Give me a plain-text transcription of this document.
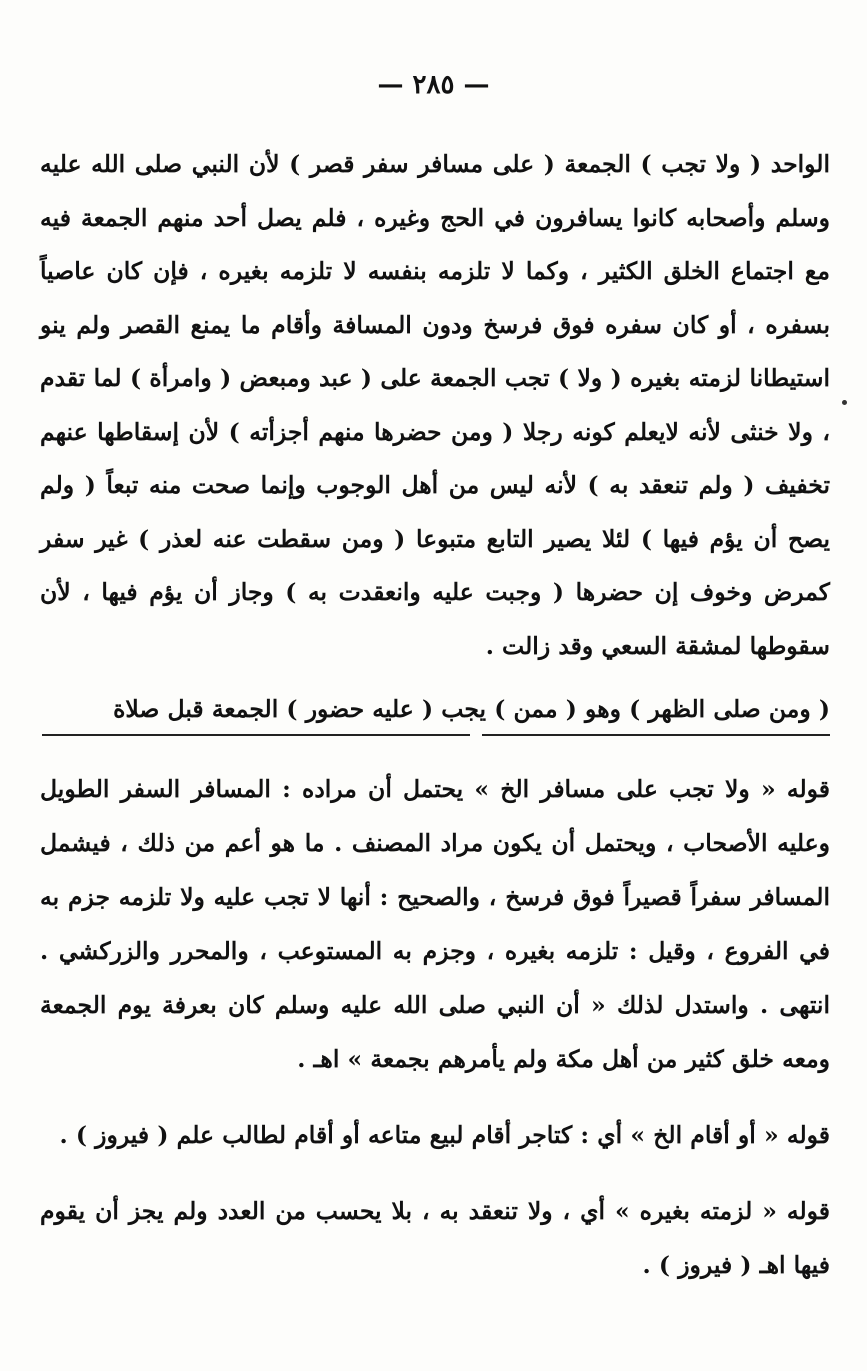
— ٢٨٥ —

الواحد ( ولا تجب ) الجمعة ( على مسافر سفر قصر ) لأن النبي صلى الله عليه وسلم وأصحابه كانوا يسافرون في الحج وغيره ، فلم يصل أحد منهم الجمعة فيه مع اجتماع الخلق الكثير ، وكما لا تلزمه بنفسه لا تلزمه بغيره ، فإن كان عاصياً بسفره ، أو كان سفره فوق فرسخ ودون المسافة وأقام ما يمنع القصر ولم ينو استيطانا لزمته بغيره ( ولا ) تجب الجمعة على ( عبد ومبعض ( وامرأة ) لما تقدم ، ولا خنثى لأنه لايعلم كونه رجلا ( ومن حضرها منهم أجزأته ) لأن إسقاطها عنهم تخفيف ( ولم تنعقد به ) لأنه ليس من أهل الوجوب وإنما صحت منه تبعاً ( ولم يصح أن يؤم فيها ) لئلا يصير التابع متبوعا ( ومن سقطت عنه لعذر ) غير سفر كمرض وخوف إن حضرها ( وجبت عليه وانعقدت به ) وجاز أن يؤم فيها ، لأن سقوطها لمشقة السعي وقد زالت .

( ومن صلى الظهر ) وهو ( ممن ) يجب ( عليه حضور ) الجمعة قبل صلاة

قوله « ولا تجب على مسافر الخ » يحتمل أن مراده : المسافر السفر الطويل وعليه الأصحاب ، ويحتمل أن يكون مراد المصنف . ما هو أعم من ذلك ، فيشمل المسافر سفراً قصيراً فوق فرسخ ، والصحيح : أنها لا تجب عليه ولا تلزمه جزم به في الفروع ، وقيل : تلزمه بغيره ، وجزم به المستوعب ، والمحرر والزركشي . انتهى . واستدل لذلك « أن النبي صلى الله عليه وسلم كان بعرفة يوم الجمعة ومعه خلق كثير من أهل مكة ولم يأمرهم بجمعة » اهـ .

قوله « أو أقام الخ » أي : كتاجر أقام لبيع متاعه أو أقام لطالب علم ( فيروز ) .

قوله « لزمته بغيره » أي ، ولا تنعقد به ، بلا يحسب من العدد ولم يجز أن يقوم فيها اهـ ( فيروز ) .
